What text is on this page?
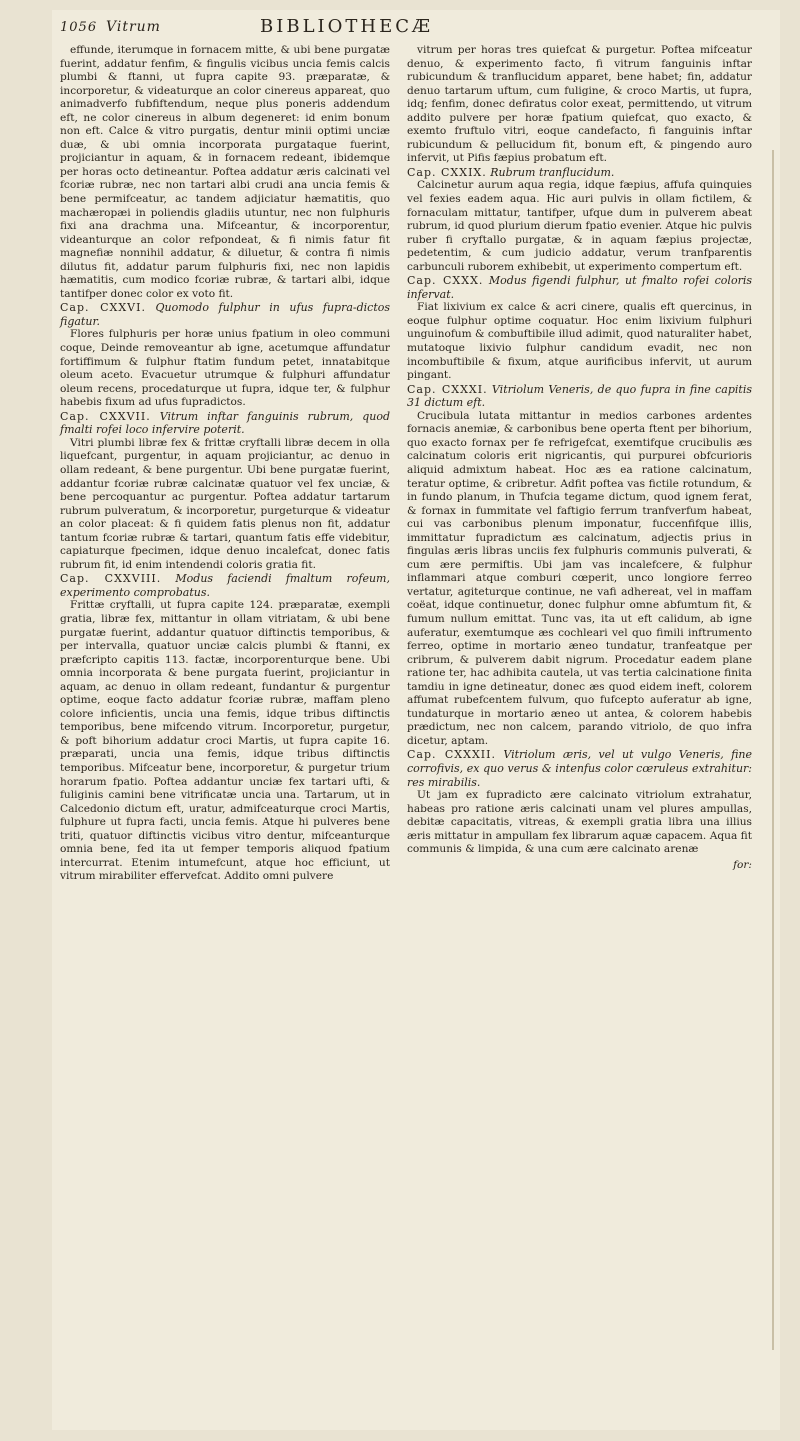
1056 Vitrum	BIBLIOTHECÆ

effunde, iterumque in fornacem mitte, & ubi bene purgatæ fuerint, addatur fenfim, & fingulis vicibus uncia femis calcis plumbi & ftanni, ut fupra capite 93. præparatæ, & incorporetur, & videaturque an color cinereus appareat, quo animadverfo fubfiftendum, neque plus poneris addendum eft, ne color cinereus in album degeneret: id enim bonum non eft. Calce & vitro purgatis, dentur minii optimi unciæ duæ, & ubi omnia incorporata purgataque fuerint, projiciantur in aquam, & in fornacem redeant, ibidemque per horas octo detineantur. Poftea addatur æris calcinati vel fcoriæ rubræ, nec non tartari albi crudi ana uncia femis & bene permifceatur, ac tandem adjiciatur hæmatitis, quo machæropæi in poliendis gladiis utuntur, nec non fulphuris fixi ana drachma una. Mifceantur, & incorporentur, videanturque an color refpondeat, & fi nimis fatur fit magnefiæ nonnihil addatur, & diluetur, & contra fi nimis dilutus fit, addatur parum fulphuris fixi, nec non lapidis hæmatitis, cum modico fcoriæ rubræ, & tartari albi, idque tantifper donec color ex voto fit.

Cap. CXXVI. Quomodo fulphur in ufus fupra-dictos figatur.

Flores fulphuris per horæ unius fpatium in oleo communi coque, Deinde removeantur ab igne, acetumque affundatur fortiffimum & fulphur ftatim fundum petet, innatabitque oleum aceto. Evacuetur utrumque & fulphuri affundatur oleum recens, procedaturque ut fupra, idque ter, & fulphur habebis fixum ad ufus fupradictos.

Cap. CXXVII. Vitrum inftar fanguinis rubrum, quod fmalti rofei loco infervire poterit.

Vitri plumbi libræ fex & frittæ cryftalli libræ decem in olla liquefcant, purgentur, in aquam projiciantur, ac denuo in ollam redeant, & bene purgentur. Ubi bene purgatæ fuerint, addantur fcoriæ rubræ calcinatæ quatuor vel fex unciæ, & bene percoquantur ac purgentur. Poftea addatur tartarum rubrum pulveratum, & incorporetur, purgeturque & videatur an color placeat: & fi quidem fatis plenus non fit, addatur tantum fcoriæ rubræ & tartari, quantum fatis effe videbitur, capiaturque fpecimen, idque denuo incalefcat, donec fatis rubrum fit, id enim intendendi coloris gratia fit.

Cap. CXXVIII. Modus faciendi fmaltum rofeum, experimento comprobatus.

Frittæ cryftalli, ut fupra capite 124. præparatæ, exempli gratia, libræ fex, mittantur in ollam vitriatam, & ubi bene purgatæ fuerint, addantur quatuor diftinctis temporibus, & per intervalla, quatuor unciæ calcis plumbi & ftanni, ex præfcripto capitis 113. factæ, incorporenturque bene. Ubi omnia incorporata & bene purgata fuerint, projiciantur in aquam, ac denuo in ollam redeant, fundantur & purgentur optime, eoque facto addatur fcoriæ rubræ, maffam pleno colore inficientis, uncia una femis, idque tribus diftinctis temporibus, bene mifcendo vitrum. Incorporetur, purgetur, & poft bihorium addatur croci Martis, ut fupra capite 16. præparati, uncia una femis, idque tribus diftinctis temporibus. Mifceatur bene, incorporetur, & purgetur trium horarum fpatio. Poftea addantur unciæ fex tartari ufti, & fuliginis camini bene vitrificatæ uncia una. Tartarum, ut in Calcedonio dictum eft, uratur, admifceaturque croci Martis, fulphure ut fupra facti, uncia femis. Atque hi pulveres bene triti, quatuor diftinctis vicibus vitro dentur, mifceanturque omnia bene, fed ita ut femper temporis aliquod fpatium intercurrat. Etenim intumefcunt, atque hoc efficiunt, ut vitrum mirabiliter effervefcat. Addito omni pulvere

vitrum per horas tres quiefcat & purgetur. Poftea mifceatur denuo, & experimento facto, fi vitrum fanguinis inftar rubicundum & tranflucidum apparet, bene habet; fin, addatur denuo tartarum uftum, cum fuligine, & croco Martis, ut fupra, idq; fenfim, donec defiratus color exeat, permittendo, ut vitrum addito pulvere per horæ fpatium quiefcat, quo exacto, & exemto fruftulo vitri, eoque candefacto, fi fanguinis inftar rubicundum & pellucidum fit, bonum eft, & pingendo auro infervit, ut Pifis fæpius probatum eft.

Cap. CXXIX. Rubrum tranflucidum.

Calcinetur aurum aqua regia, idque fæpius, affufa quinquies vel fexies eadem aqua. Hic auri pulvis in ollam fictilem, & fornaculam mittatur, tantifper, ufque dum in pulverem abeat rubrum, id quod plurium dierum fpatio evenier. Atque hic pulvis ruber fi cryftallo purgatæ, & in aquam fæpius projectæ, pedetentim, & cum judicio addatur, verum tranfparentis carbunculi ruborem exhibebit, ut experimento compertum eft.

Cap. CXXX. Modus figendi fulphur, ut fmalto rofei coloris infervat.

Fiat lixivium ex calce & acri cinere, qualis eft quercinus, in eoque fulphur optime coquatur. Hoc enim lixivium fulphuri unguinofum & combuftibile illud adimit, quod naturaliter habet, mutatoque lixivio fulphur candidum evadit, nec non incombuftibile & fixum, atque aurificibus infervit, ut aurum pingant.

Cap. CXXXI. Vitriolum Veneris, de quo fupra in fine capitis 31 dictum eft.

Crucibula lutata mittantur in medios carbones ardentes fornacis anemiæ, & carbonibus bene operta ftent per bihorium, quo exacto fornax per fe refrigefcat, exemtifque crucibulis æs calcinatum coloris erit nigricantis, qui purpurei obfcurioris aliquid admixtum habeat. Hoc æs ea ratione calcinatum, teratur optime, & cribretur. Adfit poftea vas fictile rotundum, & in fundo planum, in Thufcia tegame dictum, quod ignem ferat, & fornax in fummitate vel faftigio ferrum tranfverfum habeat, cui vas carbonibus plenum imponatur, fuccenfifque illis, immittatur fupradictum æs calcinatum, adjectis prius in fingulas æris libras unciis fex fulphuris communis pulverati, & cum ære permiftis. Ubi jam vas incalefcere, & fulphur inflammari atque comburi cœperit, unco longiore ferreo vertatur, agiteturque continue, ne vafi adhereat, vel in maffam coëat, idque continuetur, donec fulphur omne abfumtum fit, & fumum nullum emittat. Tunc vas, ita ut eft calidum, ab igne auferatur, exemtumque æs cochleari vel quo fimili inftrumento ferreo, optime in mortario æneo tundatur, tranfeatque per cribrum, & pulverem dabit nigrum. Procedatur eadem plane ratione ter, hac adhibita cautela, ut vas tertia calcinatione finita tamdiu in igne detineatur, donec æs quod eidem ineft, colorem affumat rubefcentem fulvum, quo fufcepto auferatur ab igne, tundaturque in mortario æneo ut antea, & colorem habebis prædictum, nec non calcem, parando vitriolo, de quo infra dicetur, aptam.

Cap. CXXXII. Vitriolum æris, vel ut vulgo Veneris, fine corrofivis, ex quo verus & intenfus color cœruleus extrahitur: res mirabilis.

Ut jam ex fupradicto ære calcinato vitriolum extrahatur, habeas pro ratione æris calcinati unam vel plures ampullas, debitæ capacitatis, vitreas, & exempli gratia libra una illius æris mittatur in ampullam fex librarum aquæ capacem. Aqua fit communis & limpida, & una cum ære calcinato arenæ

for:
